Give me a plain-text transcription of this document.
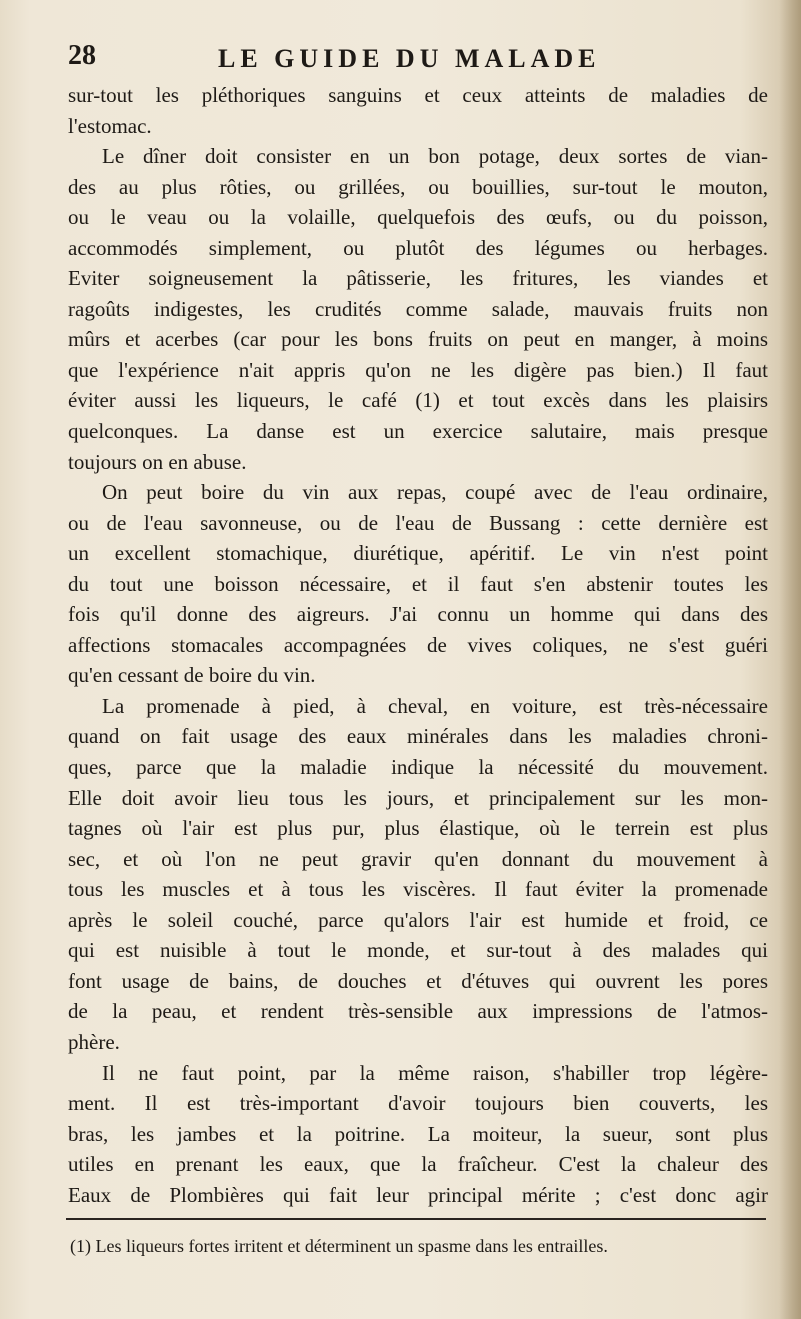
28	LE GUIDE DU MALADE
sur-tout les pléthoriques sanguins et ceux atteints de maladies de
l'estomac.
Le dîner doit consister en un bon potage, deux sortes de vian-
des au plus rôties, ou grillées, ou bouillies, sur-tout le mouton,
ou le veau ou la volaille, quelquefois des œufs, ou du poisson,
accommodés simplement, ou plutôt des légumes ou herbages.
Eviter soigneusement la pâtisserie, les fritures, les viandes et
ragoûts indigestes, les crudités comme salade, mauvais fruits non
mûrs et acerbes (car pour les bons fruits on peut en manger, à moins
que l'expérience n'ait appris qu'on ne les digère pas bien.) Il faut
éviter aussi les liqueurs, le café (1) et tout excès dans les plaisirs
quelconques. La danse est un exercice salutaire, mais presque
toujours on en abuse.
On peut boire du vin aux repas, coupé avec de l'eau ordinaire,
ou de l'eau savonneuse, ou de l'eau de Bussang : cette dernière est
un excellent stomachique, diurétique, apéritif. Le vin n'est point
du tout une boisson nécessaire, et il faut s'en abstenir toutes les
fois qu'il donne des aigreurs. J'ai connu un homme qui dans des
affections stomacales accompagnées de vives coliques, ne s'est guéri
qu'en cessant de boire du vin.
La promenade à pied, à cheval, en voiture, est très-nécessaire
quand on fait usage des eaux minérales dans les maladies chroni-
ques, parce que la maladie indique la nécessité du mouvement.
Elle doit avoir lieu tous les jours, et principalement sur les mon-
tagnes où l'air est plus pur, plus élastique, où le terrein est plus
sec, et où l'on ne peut gravir qu'en donnant du mouvement à
tous les muscles et à tous les viscères. Il faut éviter la promenade
après le soleil couché, parce qu'alors l'air est humide et froid, ce
qui est nuisible à tout le monde, et sur-tout à des malades qui
font usage de bains, de douches et d'étuves qui ouvrent les pores
de la peau, et rendent très-sensible aux impressions de l'atmos-
phère.
Il ne faut point, par la même raison, s'habiller trop légère-
ment. Il est très-important d'avoir toujours bien couverts, les
bras, les jambes et la poitrine. La moiteur, la sueur, sont plus
utiles en prenant les eaux, que la fraîcheur. C'est la chaleur des
Eaux de Plombières qui fait leur principal mérite ; c'est donc agir
(1) Les liqueurs fortes irritent et déterminent un spasme dans les entrailles.
